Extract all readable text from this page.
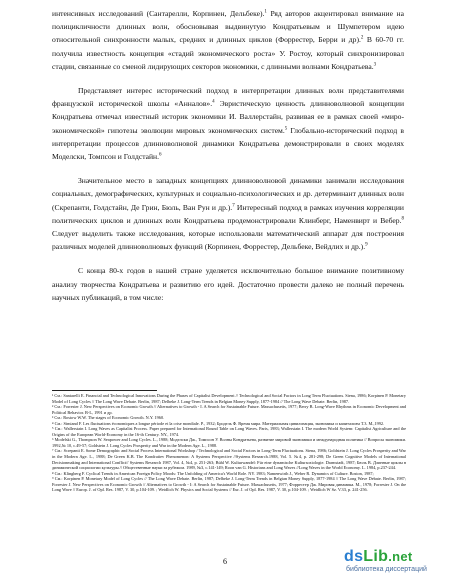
интенсивных исследований (Сантарелли, Корпинен, Дельбеке).$^1$ Ряд авторов акцентировал внимание на полицикличности длинных волн, обосновывая выдвинутую Кондратьевым и Шумпетером идею относительной синхронности малых, средних и длинных циклов (Форрестер, Берри и др).$^2$ В 60-70 гг. получила известность концепция «стадий экономического роста» У. Ростоу, который синхронизировал стадии, связанные со сменой лидирующих секторов экономики, с длинными волнами Кондратьева.$^3$

Представляет интерес исторический подход в интерпретации длинных волн представителями французской исторической школы «Анналов».$^4$ Эвристическую ценность длинноволновой концепции Кондратьева отмечал известный историк экономики И. Валлерстайн, развивая ее в рамках своей «миро-экономической» гипотезы эволюции мировых экономических систем.$^5$ Глобально-исторический подход в интерпретации процессов длинноволновой динамики Кондратьева демонстрировали в своих моделях Моделски, Томпсон и Голдстайн.$^6$

Значительное место в западных концепциях длинноволновой динамики занимали исследования социальных, демографических, культурных и социально-психологических и др. детерминант длинных волн (Скрепанти, Голдстайн, Де Грин, Бюль, Ван Рун и др.).$^7$ Интересный подход в рамках изучения корреляции политических циклов и длинных волн Кондратьева продемонстрировали Клинберг, Наменвирт и Вебер.$^8$ Следует выделить также исследования, которые использовали математический аппарат для построения различных моделей длинноволновых функций (Корпинен, Форрестер, Дельбеке, Вейдлих и др.).$^9$

С конца 80-х годов в нашей стране уделяется исключительно большое внимание позитивному анализу творчества Кондратьева и развитию его идей. Достаточно провести далеко не полный перечень научных публикаций, в том числе:

¹ См.: Santarelli E. Financial and Technological Innovations During the Phases of Capitalist Development // Technological and Social Factors in Long Term Fluctuations. Siena, 1986; Korpinen P. Monetary Model of Long Cycles // The Long Wave Debate. Berlin, 1987; Delbeke J. Long-Term Trends in Belgian Money Supply, 1877-1984 // The Long Wave Debate. Berlin, 1987.
² См.: Forrester J. New Perspectives on Economic Growth // Alternatives to Growth - I. A Search for Sustainable Future. Massachusetts, 1977; Berry B. Long-Wave Rhythms in Economic Development and Political Behavior. B-L, 1991 и др.
³ См.: Rostow W.W. The stages of Economic Growth. N.Y. 1960.
⁴ См.: Simiand F. Les fluctuations économiques a longue période et la crise mondiale. P., 1932; Бродель Ф. Время мира. Материальная цивилизация, экономика и капитализм Т.3. М.,1992.
⁵ См.: Wallerstain I. Long Waves as Capitalist Process. Paper prepared for International Round Table on Long Waves. Paris, 1983; Wallerstain I. The modern World System: Capitalist Agriculture and the Origins of the European World-Economy in the 16-th Century. NY., 1974.
⁶ Modelski G., Thompson W. Seapower and Long Cycles. L., 1988; Моделски Дж., Томпсон У. Волны Кондратьева, развитие мировой экономики и международная политика // Вопросы экономики. 1992,№ 10, с.49-57; Goldstein J. Long Cycles Prosperity and War in the Modern Age. L., 1988.
⁷ См.: Screpanti E. Some Demographic and Social Process International Workshop / Technological and Social Factors in Long-Term Fluctuations. Siena, 1986; Goldstein J. Long Cycles Prosperity and War in the Modern Age. L., 1988; De Green K.B. The Kondratiev Phenomenon: A Systems Perspective //Systems Research.1988, Vol. 5. №4, p. 281-298; De Green Cognitive Models of International Decisionmaking and International Conflict// Systems Research 1987, Vol. 4, №4, p. 251-263; Bühl W. Kulturwandel: Für eine dynamische Kultursoziologie. Darmstadt, 1987; Бюль В. Длинные циклы в динамической социологии культуры // Общественные науки за рубежом. 1989, №3, с.141-149; Roon van G. Historians and Long Waves //Long Waves in the World Economy. L. 1984, p.237-244.
⁸ См.: Klingberg F. Cyclical Trends in American Foreign Policy Moods: The Unfolding of America's World Role. NY. 1983; Namenwirth J., Weber R. Dynamics of Culture. Boston, 1987;
⁹ См.: Korpinen P. Monetary Model of Long Cycles // The Long Wave Debate. Berlin, 1987; Delbeke J. Long-Term Trends in Belgian Money Supply, 1877-1984 // The Long Wave Debate. Berlin, 1987; Forrester J. New Perspectives on Economic Growth // Alternatives to Growth - I: A Search for Sustainable Future. Massachusetts, 1977; Форрестер Дж. Мировая динамика. М., 1978; Forrester J. On the Long Wave // Europ. J. of Opl. Res. 1987, V. 30, p.104-109. ; Weidlich W. Physics and Social Systems // Eur. J. of Opl. Res. 1987, V. 30, p.104-109. ; Weidlich W Sz. V.33, p. 241-256.
6	dsLib.net
библиотека диссертаций
